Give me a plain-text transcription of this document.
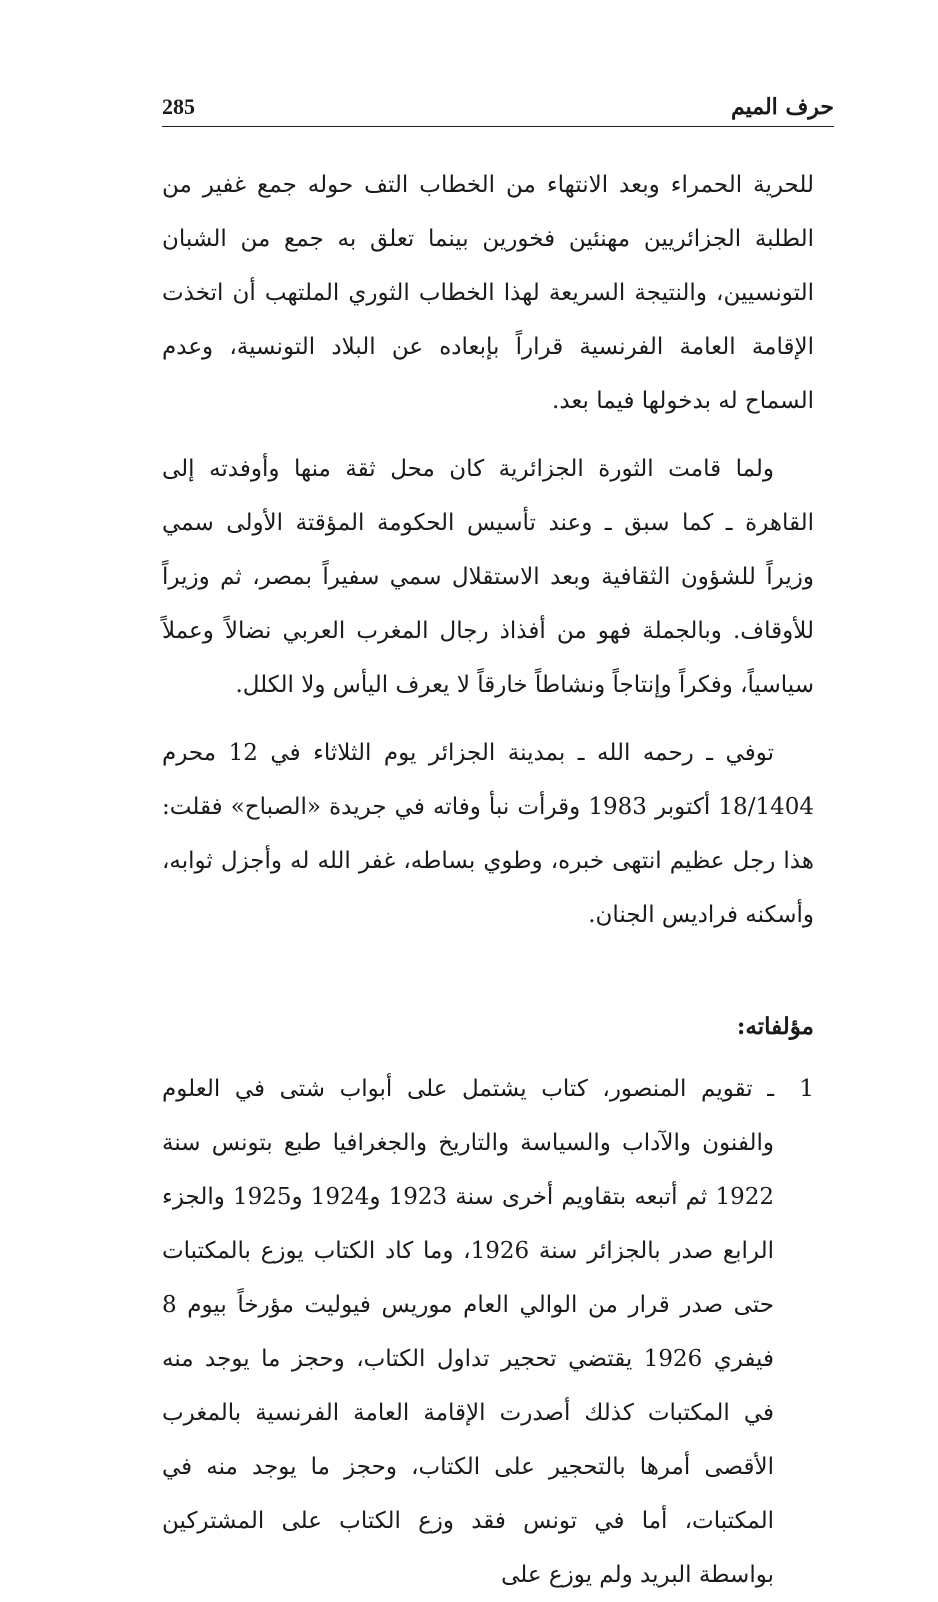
285	حرف الميم

للحرية الحمراء وبعد الانتهاء من الخطاب التف حوله جمع غفير من الطلبة الجزائريين مهنئين فخورين بينما تعلق به جمع من الشبان التونسيين، والنتيجة السريعة لهذا الخطاب الثوري الملتهب أن اتخذت الإقامة العامة الفرنسية قراراً بإبعاده عن البلاد التونسية، وعدم السماح له بدخولها فيما بعد.

ولما قامت الثورة الجزائرية كان محل ثقة منها وأوفدته إلى القاهرة ـ كما سبق ـ وعند تأسيس الحكومة المؤقتة الأولى سمي وزيراً للشؤون الثقافية وبعد الاستقلال سمي سفيراً بمصر، ثم وزيراً للأوقاف. وبالجملة فهو من أفذاذ رجال المغرب العربي نضالاً وعملاً سياسياً، وفكراً وإنتاجاً ونشاطاً خارقاً لا يعرف اليأس ولا الكلل.

توفي ـ رحمه الله ـ بمدينة الجزائر يوم الثلاثاء في 12 محرم 18/1404 أكتوبر 1983 وقرأت نبأ وفاته في جريدة «الصباح» فقلت: هذا رجل عظيم انتهى خبره، وطوي بساطه، غفر الله له وأجزل ثوابه، وأسكنه فراديس الجنان.

مؤلفاته:
1
ـ تقويم المنصور، كتاب يشتمل على أبواب شتى في العلوم والفنون والآداب والسياسة والتاريخ والجغرافيا طبع بتونس سنة 1922 ثم أتبعه بتقاويم أخرى سنة 1923 و1924 و1925 والجزء الرابع صدر بالجزائر سنة 1926، وما كاد الكتاب يوزع بالمكتبات حتى صدر قرار من الوالي العام موريس فيوليت مؤرخاً بيوم 8 فيفري 1926 يقتضي تحجير تداول الكتاب، وحجز ما يوجد منه في المكتبات كذلك أصدرت الإقامة العامة الفرنسية بالمغرب الأقصى أمرها بالتحجير على الكتاب، وحجز ما يوجد منه في المكتبات، أما في تونس فقد وزع الكتاب على المشتركين بواسطة البريد ولم يوزع على
